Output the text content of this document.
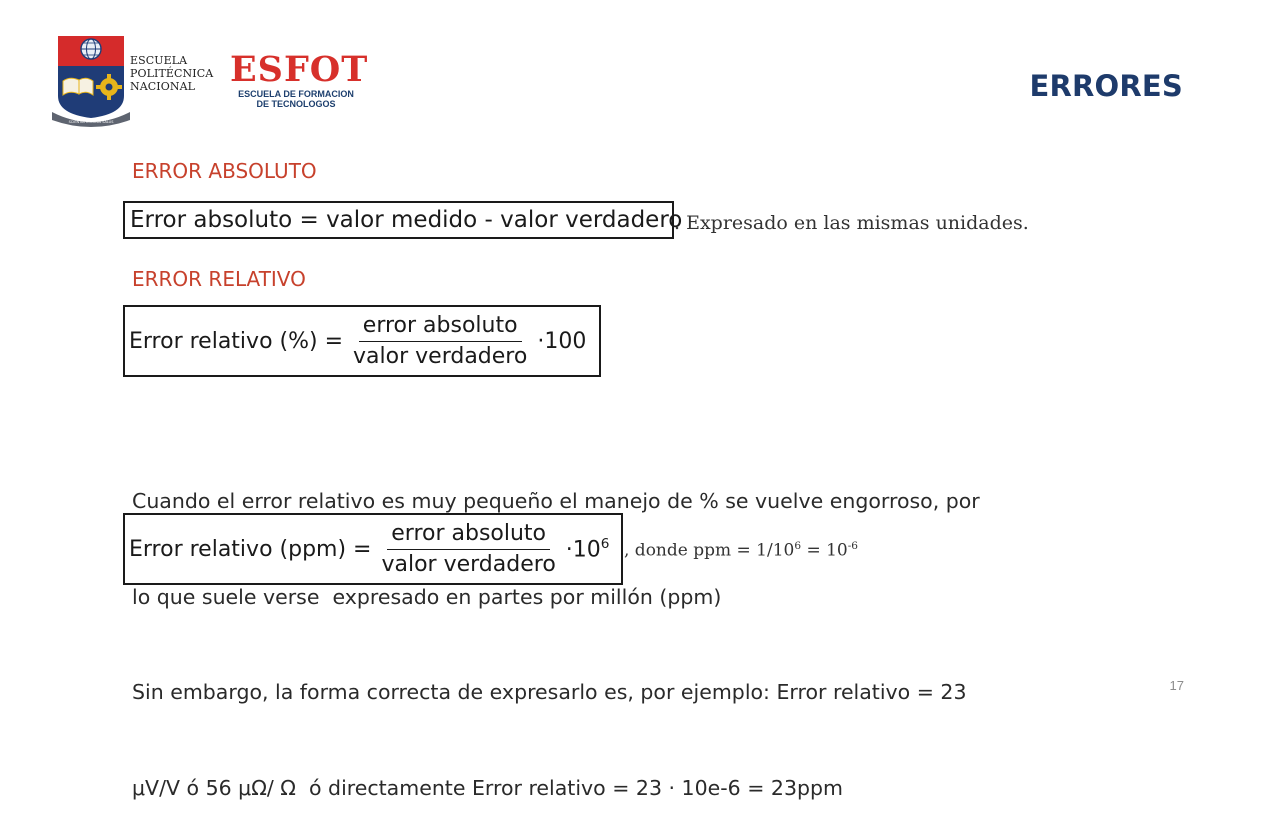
SCIENTIA HOMINIS SALUS
ESCUELA
POLITÉCNICA
NACIONAL ESFOT
ESCUELA DE FORMACION
DE TECNOLOGOS
ERRORES
ERROR ABSOLUTO
Error absoluto = valor medido - valor verdadero
. Expresado en las mismas unidades.
ERROR RELATIVO
Error relativo (%) = $\frac{\text{error absoluto}}{\text{valor verdadero}} \cdot 100$

Cuando el error relativo es muy pequeño el manejo de % se vuelve engorroso, por

lo que suele verse  expresado en partes por millón (ppm)

Error relativo $(ppm) = \frac{\text{error absoluto}}{\text{valor verdadero}} \cdot 10^6$ , donde ppm = $1/10^6 = 10^{-6}$

Sin embargo, la forma correcta de expresarlo es, por ejemplo: Error relativo = 23

μV/V ó 56 μΩ/ Ω  ó directamente Error relativo = 23 · 10e-6 = 23ppm

17
